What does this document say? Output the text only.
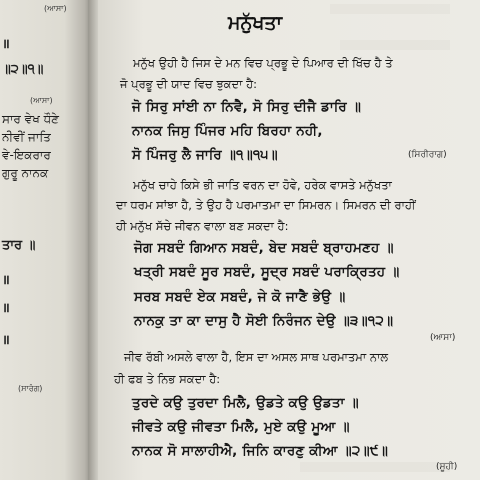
(ਆਸਾ)
॥
॥੨॥੧॥
(ਆਸਾ)
ਸਾਰ ਵੇਖ ਧੌਣੇ
ਨੀਵੀਂ ਜਾਤਿ
ਵੇ-ਇਕਰਾਰ
ਗੁਰੂ ਨਾਨਕ
ਤਾਰ ॥
॥
॥
॥
(ਸਾਰੰਗ)
ਮਨੁੱਖਤਾ
ਮਨੁੱਖ ਉਹੀ ਹੈ ਜਿਸ ਦੇ ਮਨ ਵਿਚ ਪ੍ਰਭੂ ਦੇ ਪਿਆਰ ਦੀ ਖਿੱਚ ਹੈ ਤੇ
ਜੋ ਪ੍ਰਭੂ ਦੀ ਯਾਦ ਵਿਚ ਝੁਕਦਾ ਹੈ:
ਜੋ ਸਿਰੁ ਸਾਂਈ ਨਾ ਨਿਵੈ, ਸੋ ਸਿਰੁ ਦੀਜੈ ਡਾਰਿ ॥
ਨਾਨਕ ਜਿਸੁ ਪਿੰਜਰ ਮਹਿ ਬਿਰਹਾ ਨਹੀ,
ਸੋ ਪਿੰਜਰੁ ਲੈ ਜਾਰਿ ॥੧॥੧੫॥	(ਸਿਰੀਰਾਗ)
ਮਨੁੱਖ ਚਾਹੇ ਕਿਸੇ ਭੀ ਜਾਤਿ ਵਰਨ ਦਾ ਹੋਵੇ, ਹਰੇਕ ਵਾਸਤੇ ਮਨੁੱਖਤਾ
ਦਾ ਧਰਮ ਸਾਂਝਾ ਹੈ, ਤੇ ਉਹ ਹੈ ਪਰਮਾਤਮਾ ਦਾ ਸਿਮਰਨ। ਸਿਮਰਨ ਦੀ ਰਾਹੀਂ
ਹੀ ਮਨੁੱਖ ਸੱਚੇ ਜੀਵਨ ਵਾਲਾ ਬਣ ਸਕਦਾ ਹੈ:
ਜੋਗ ਸਬਦੰ ਗਿਆਨ ਸਬਦੰ, ਬੇਦ ਸਬਦੰ ਬ੍ਰਾਹਮਣਹ ॥
ਖਤ੍ਰੀ ਸਬਦੰ ਸੂਰ ਸਬਦੰ, ਸੂਦ੍ਰ ਸਬਦੰ ਪਰਾਕ੍ਰਿਤਹ ॥
ਸਰਬ ਸਬਦੰ ਏਕ ਸਬਦੰ, ਜੇ ਕੋ ਜਾਣੈ ਭੇਉ ॥
ਨਾਨਕੁ ਤਾ ਕਾ ਦਾਸੁ ਹੈ ਸੋਈ ਨਿਰੰਜਨ ਦੇਉ ॥੩॥੧੨॥
(ਆਸਾ)
ਜੀਵ ਰੱਬੀ ਅਸਲੇ ਵਾਲਾ ਹੈ, ਇਸ ਦਾ ਅਸਲ ਸਾਥ ਪਰਮਾਤਮਾ ਨਾਲ
ਹੀ ਫਬ ਤੇ ਨਿਭ ਸਕਦਾ ਹੈ:
ਤੁਰਦੇ ਕਉ ਤੁਰਦਾ ਮਿਲੈ, ਉਡਤੇ ਕਉ ਉਡਤਾ ॥
ਜੀਵਤੇ ਕਉ ਜੀਵਤਾ ਮਿਲੈ, ਮੁਏ ਕਉ ਮੂਆ ॥
ਨਾਨਕ ਸੋ ਸਾਲਾਹੀਐ, ਜਿਨਿ ਕਾਰਣੁ ਕੀਆ ॥੨॥੯॥
(ਸੂਹੀ)
